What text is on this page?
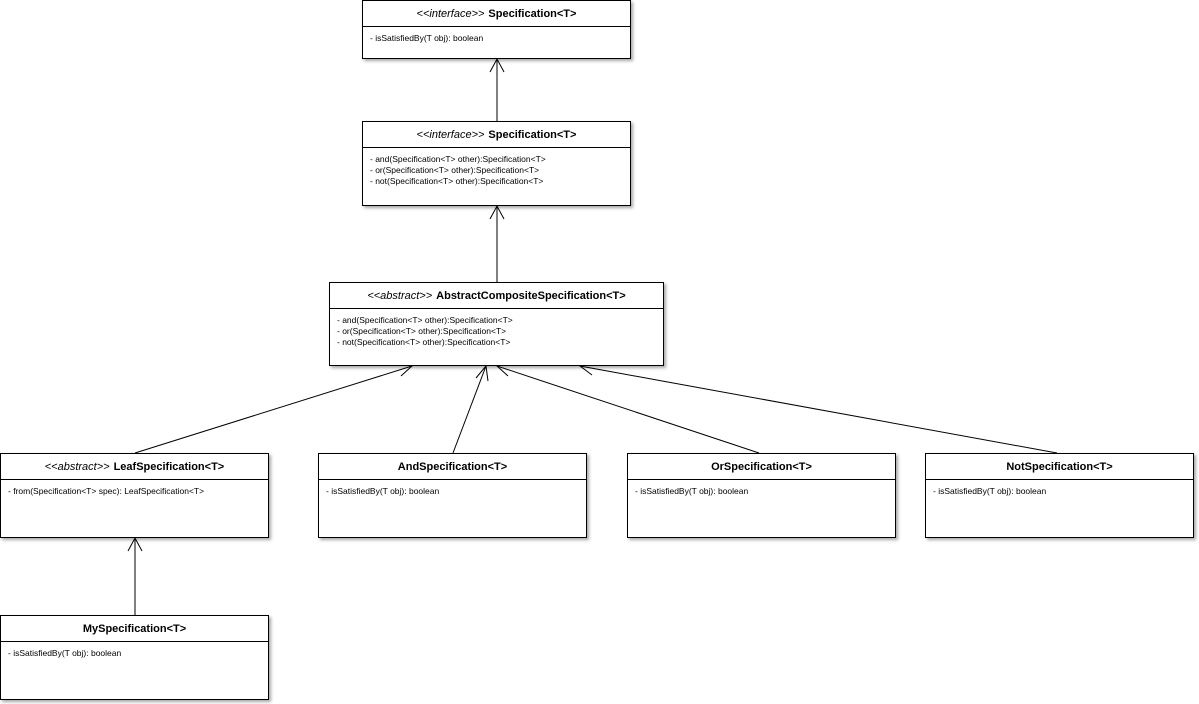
<<interface>> Specification<T>
- isSatisfiedBy(T obj): boolean
<<interface>> Specification<T>
- and(Specification<T> other):Specification<T>
- or(Specification<T> other):Specification<T>
- not(Specification<T> other):Specification<T>
<<abstract>> AbstractCompositeSpecification<T>
- and(Specification<T> other):Specification<T>
- or(Specification<T> other):Specification<T>
- not(Specification<T> other):Specification<T>
<<abstract>> LeafSpecification<T>
- from(Specification<T> spec): LeafSpecification<T>
AndSpecification<T>
- isSatisfiedBy(T obj): boolean
OrSpecification<T>
- isSatisfiedBy(T obj): boolean
NotSpecification<T>
- isSatisfiedBy(T obj): boolean
MySpecification<T>
- isSatisfiedBy(T obj): boolean
